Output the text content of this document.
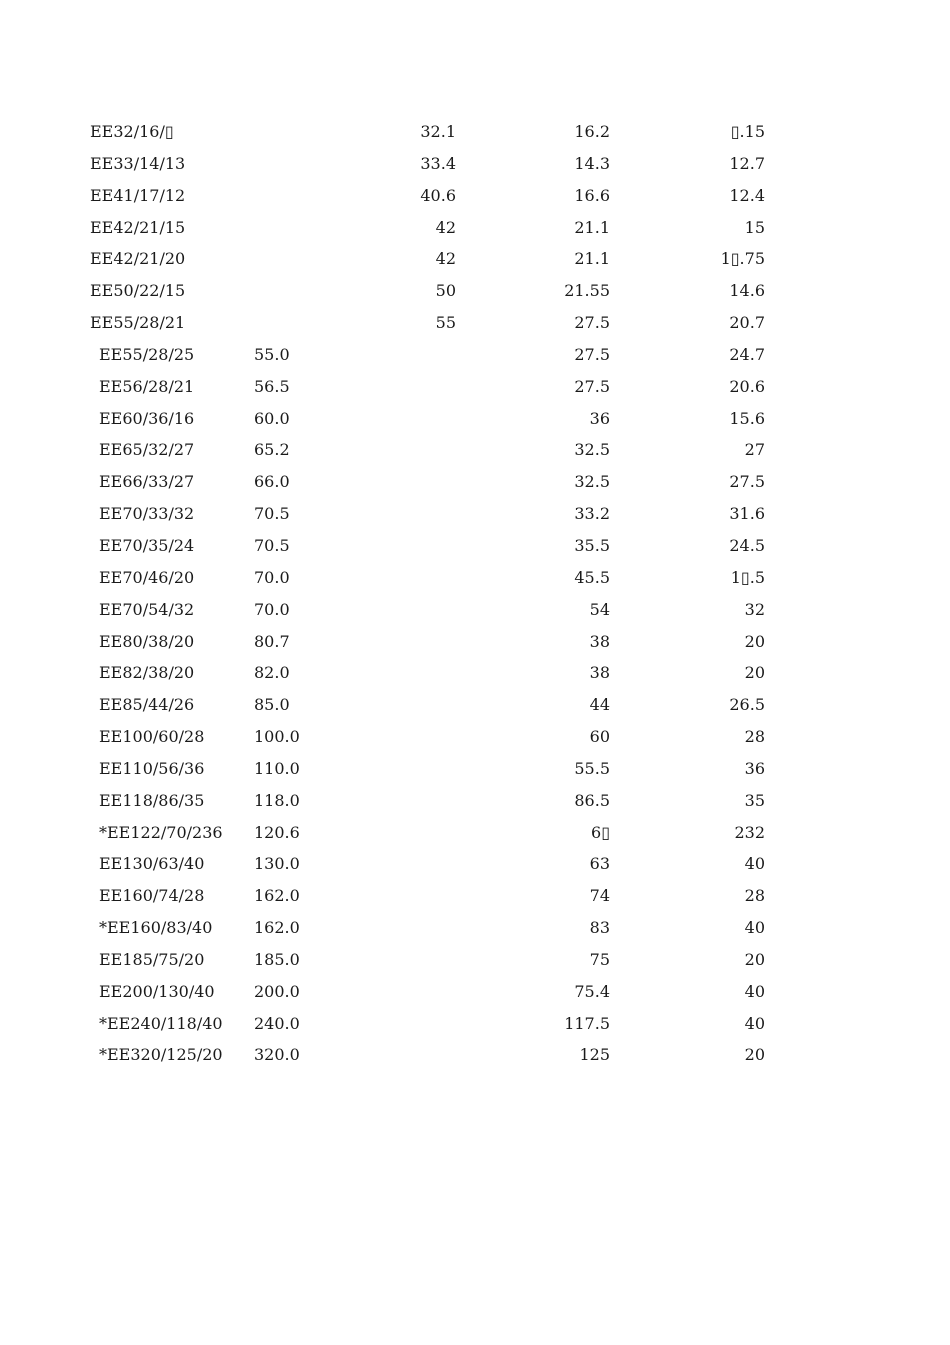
EE32/16/▯	32.1	16.2	▯.15
EE33/14/13	33.4	14.3	12.7
EE41/17/12	40.6	16.6	12.4
EE42/21/15	42	21.1	15
EE42/21/20	42	21.1	1▯.75
EE50/22/15	50	21.55	14.6
EE55/28/21	55	27.5	20.7
EE55/28/25	55.0	27.5	24.7
EE56/28/21	56.5	27.5	20.6
EE60/36/16	60.0	36	15.6
EE65/32/27	65.2	32.5	27
EE66/33/27	66.0	32.5	27.5
EE70/33/32	70.5	33.2	31.6
EE70/35/24	70.5	35.5	24.5
EE70/46/20	70.0	45.5	1▯.5
EE70/54/32	70.0	54	32
EE80/38/20	80.7	38	20
EE82/38/20	82.0	38	20
EE85/44/26	85.0	44	26.5
EE100/60/28	100.0	60	28
EE110/56/36	110.0	55.5	36
EE118/86/35	118.0	86.5	35
*EE122/70/236 120.6	6▯	232
EE130/63/40	130.0	63	40
EE160/74/28	162.0	74	28
*EE160/83/40	162.0	83	40
EE185/75/20	185.0	75	20
EE200/130/40 200.0	75.4	40
*EE240/118/40 240.0	117.5	40
*EE320/125/20 320.0	125	20
